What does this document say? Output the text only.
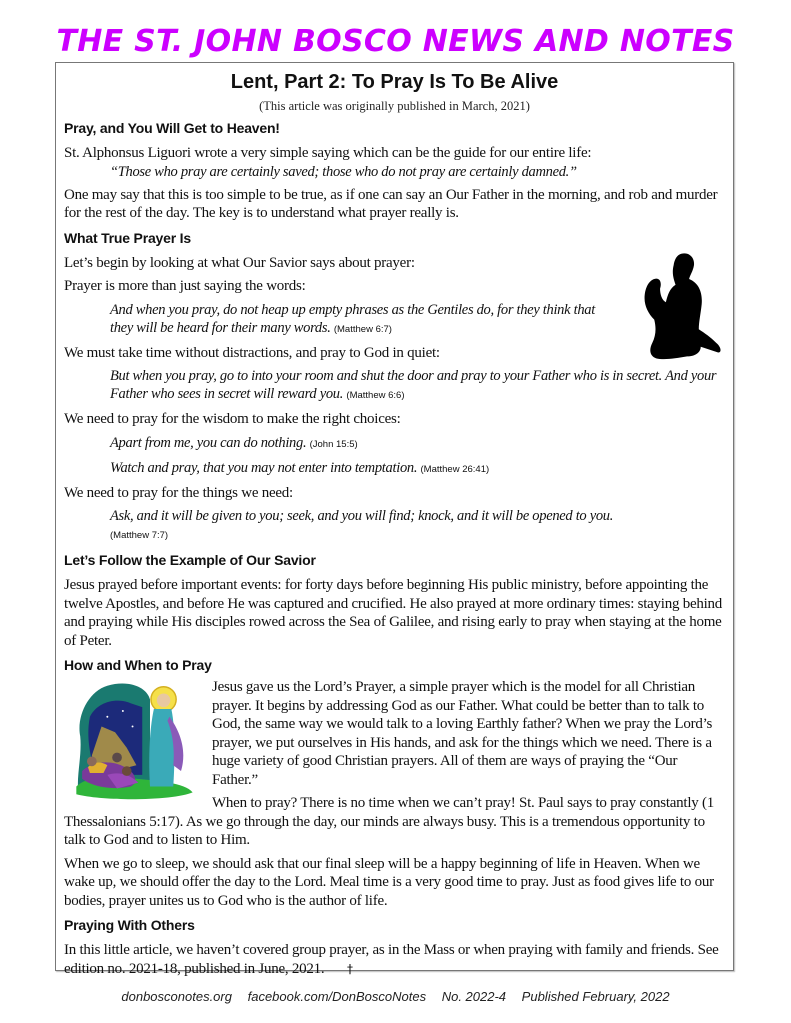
THE ST. JOHN BOSCO NEWS AND NOTES
Lent, Part 2: To Pray Is To Be Alive
(This article was originally published in March, 2021)
Pray, and You Will Get to Heaven!

St. Alphonsus Liguori wrote a very simple saying which can be the guide for our entire life:

“Those who pray are certainly saved; those who do not pray are certainly damned.”

One may say that this is too simple to be true, as if one can say an Our Father in the morning, and rob and murder for the rest of the day. The key is to understand what prayer really is.

What True Prayer Is

Let’s begin by looking at what Our Savior says about prayer:

Prayer is more than just saying the words:

And when you pray, do not heap up empty phrases as the Gentiles do, for they think that they will be heard for their many words. (Matthew 6:7)

We must take time without distractions, and pray to God in quiet:

But when you pray, go to into your room and shut the door and pray to your Father who is in secret. And your Father who sees in secret will reward you. (Matthew 6:6)

We need to pray for the wisdom to make the right choices:

Apart from me, you can do nothing. (John 15:5)

Watch and pray, that you may not enter into temptation. (Matthew 26:41)

We need to pray for the things we need:

Ask, and it will be given to you; seek, and you will find; knock, and it will be opened to you.
(Matthew 7:7)

Let’s Follow the Example of Our Savior

Jesus prayed before important events: for forty days before beginning His public ministry, before appointing the twelve Apostles, and before He was captured and crucified. He also prayed at more ordinary times: staying behind and praying while His disciples rowed across the Sea of Galilee, and rising early to pray when staying at the home of Peter.

How and When to Pray

Jesus gave us the Lord’s Prayer, a simple prayer which is the model for all Christian prayer. It begins by addressing God as our Father. What could be better than to talk to God, the same way we would talk to a loving Earthly father? When we pray the Lord’s prayer, we put ourselves in His hands, and ask for the things which we need. There is a huge variety of good Christian prayers. All of them are ways of praying the “Our Father.”

When to pray? There is no time when we can’t pray! St. Paul says to pray constantly (1 Thessalonians 5:17). As we go through the day, our minds are always busy. This is a tremendous opportunity to talk to God and to listen to Him.

When we go to sleep, we should ask that our final sleep will be a happy beginning of life in Heaven. When we wake up, we should offer the day to the Lord. Meal time is a very good time to pray. Just as food gives life to our bodies, prayer unites us to God who is the author of life.

Praying With Others

In this little article, we haven’t covered group prayer, as in the Mass or when praying with family and friends. See edition no. 2021-18, published in June, 2021. †

donbosconotes.org facebook.com/DonBoscoNotes No. 2022-4 Published February, 2022
